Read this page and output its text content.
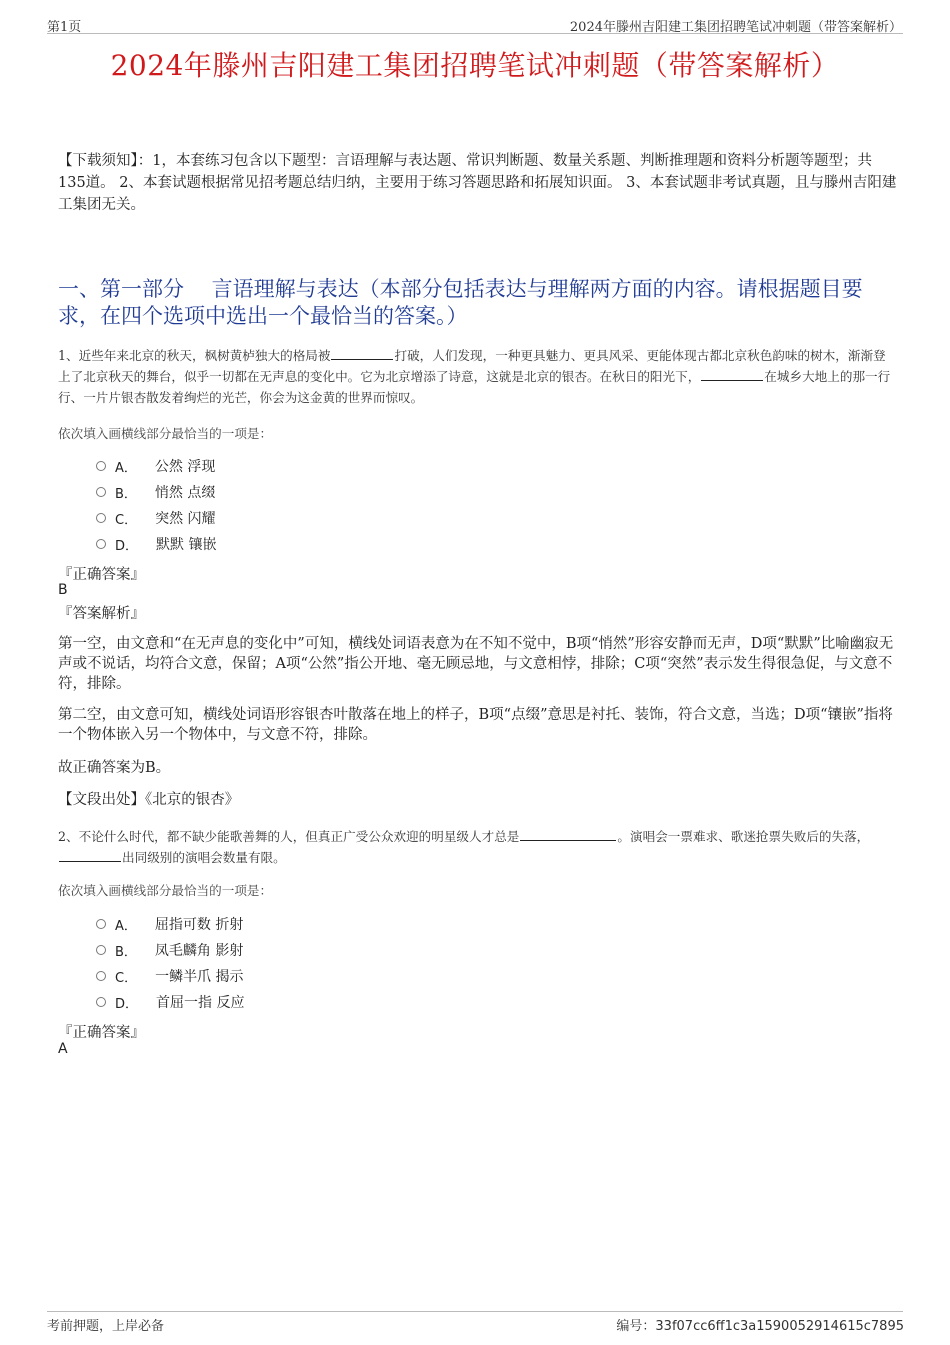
第1页	2024年滕州吉阳建工集团招聘笔试冲刺题（带答案解析）
2024年滕州吉阳建工集团招聘笔试冲刺题（带答案解析）
【下载须知】：1，本套练习包含以下题型：言语理解与表达题、常识判断题、数量关系题、判断推理题和资料分析题等题型；共135道。 2、本套试题根据常见招考题总结归纳，主要用于练习答题思路和拓展知识面。 3、本套试题非考试真题，且与滕州吉阳建工集团无关。
一、第一部分　 言语理解与表达（本部分包括表达与理解两方面的内容。请根据题目要求，在四个选项中选出一个最恰当的答案。）
1、近些年来北京的秋天，枫树黄栌独大的格局被	打破，人们发现，一种更具魅力、更具风采、更能体现古都北京秋色韵味的树木，渐渐登上了北京秋天的舞台，似乎一切都在无声息的变化中。它为北京增添了诗意，这就是北京的银杏。在秋日的阳光下，	在城乡大地上的那一行行、一片片银杏散发着绚烂的光芒，你会为这金黄的世界而惊叹。
依次填入画横线部分最恰当的一项是：
A． 公然 浮现
B． 悄然 点缀
C． 突然 闪耀
D． 默默 镶嵌
『正确答案』
B
『答案解析』
第一空，由文意和“在无声息的变化中”可知，横线处词语表意为在不知不觉中，B项“悄然”形容安静而无声，D项“默默”比喻幽寂无声或不说话，均符合文意，保留；A项“公然”指公开地、毫无顾忌地，与文意相悖，排除；C项“突然”表示发生得很急促，与文意不符，排除。
第二空，由文意可知，横线处词语形容银杏叶散落在地上的样子，B项“点缀”意思是衬托、装饰，符合文意，当选；D项“镶嵌”指将一个物体嵌入另一个物体中，与文意不符，排除。
故正确答案为B。
【文段出处】《北京的银杏》
2、不论什么时代，都不缺少能歌善舞的人，但真正广受公众欢迎的明星级人才总是	。演唱会一票难求、歌迷抢票失败后的失落，出同级别的演唱会数量有限。
依次填入画横线部分最恰当的一项是：
A． 屈指可数 折射
B． 凤毛麟角 影射
C． 一鳞半爪 揭示
D． 首屈一指 反应
『正确答案』
A
考前押题，上岸必备	编号：33f07cc6ff1c3a1590052914615c7895
